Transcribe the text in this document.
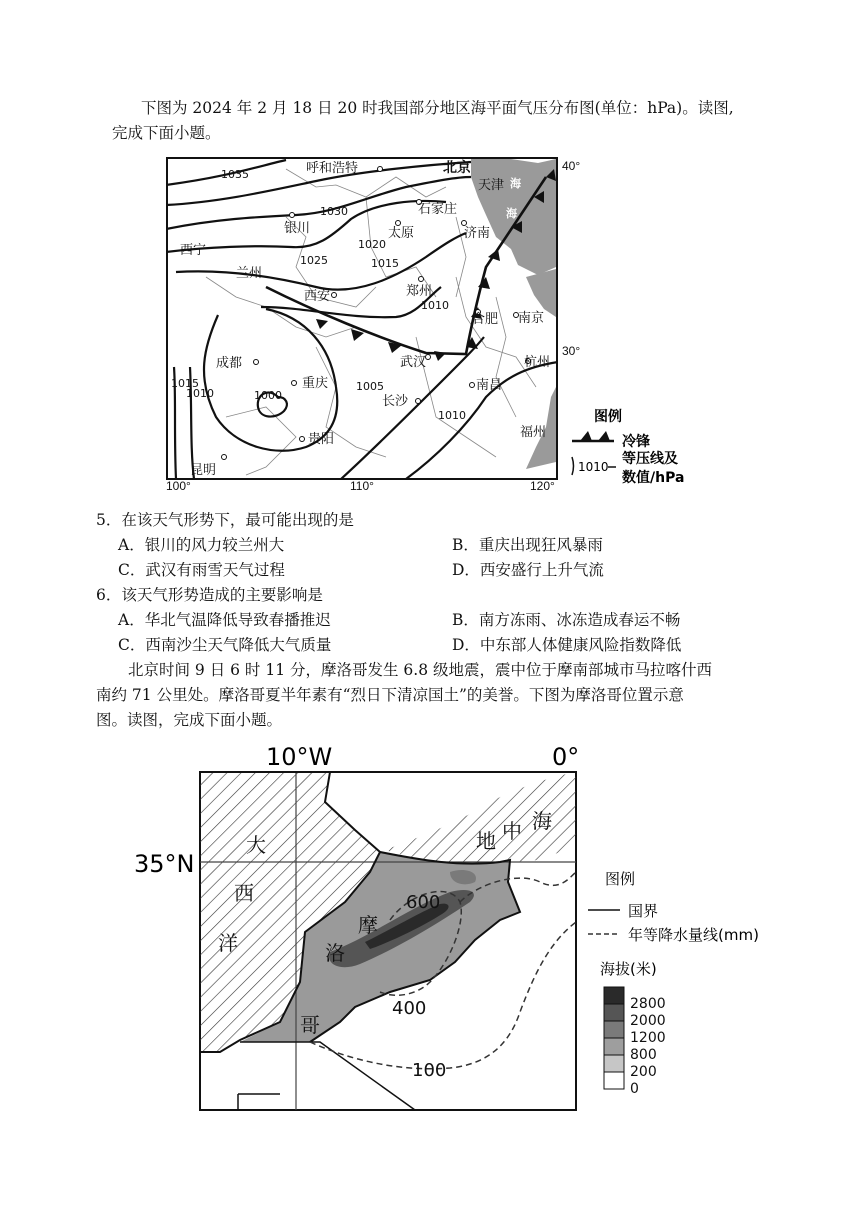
下图为 2024 年 2 月 18 日 20 时我国部分地区海平面气压分布图(单位：hPa)。读图,
完成下面小题。
呼和浩特	北京
天津
石家庄
银川	太原	济南
西宁
兰州
西安	郑州
合肥 南京
武汉
成都
重庆
长沙
南昌
杭州
贵阳	福州
昆明
1035
1030
1025
1020
1015
1010
1015
1010	1000
1005
1010
海
海
40°
30°
100°	110°	120°
图例
冷锋
1010 等压线及
数值/hPa
5．在该天气形势下，最可能出现的是
A．银川的风力较兰州大	B．重庆出现狂风暴雨
C．武汉有雨雪天气过程	D．西安盛行上升气流
6．该天气形势造成的主要影响是
A．华北气温降低导致春播推迟	B．南方冻雨、冰冻造成春运不畅
C．西南沙尘天气降低大气质量	D．中东部人体健康风险指数降低
北京时间 9 日 6 时 11 分，摩洛哥发生 6.8 级地震，震中位于摩南部城市马拉喀什西
南约 71 公里处。摩洛哥夏半年素有“烈日下清凉国土”的美誉。下图为摩洛哥位置示意
图。读图，完成下面小题。
10°W	0°
35°N
600
400
100
大
西
洋
地 中 海
摩
洛
哥
图例
国界
年等降水量线(mm)
海拔(米)
2800
2000
1200
800
200
0
